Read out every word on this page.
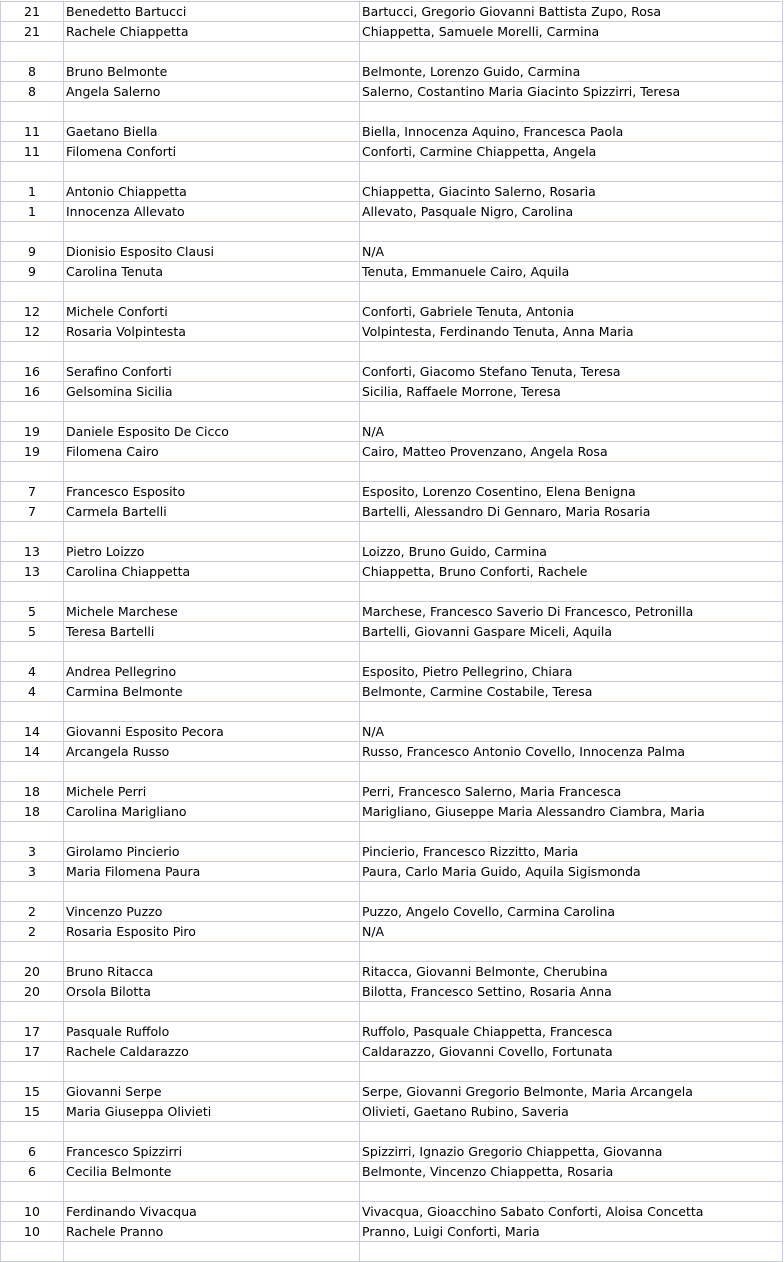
21	Benedetto Bartucci	Bartucci, Gregorio Giovanni Battista Zupo, Rosa
21	Rachele Chiappetta	Chiappetta, Samuele Morelli, Carmina

8	Bruno Belmonte	Belmonte, Lorenzo Guido, Carmina
8	Angela Salerno	Salerno, Costantino Maria Giacinto Spizzirri, Teresa

11	Gaetano Biella	Biella, Innocenza Aquino, Francesca Paola
11	Filomena Conforti	Conforti, Carmine Chiappetta, Angela

1	Antonio Chiappetta	Chiappetta, Giacinto Salerno, Rosaria
1	Innocenza Allevato	Allevato, Pasquale Nigro, Carolina

9	Dionisio Esposito Clausi	N/A
9	Carolina Tenuta	Tenuta, Emmanuele Cairo, Aquila

12	Michele Conforti	Conforti, Gabriele Tenuta, Antonia
12	Rosaria Volpintesta	Volpintesta, Ferdinando Tenuta, Anna Maria

16	Serafino Conforti	Conforti, Giacomo Stefano Tenuta, Teresa
16	Gelsomina Sicilia	Sicilia, Raffaele Morrone, Teresa

19	Daniele Esposito De Cicco	N/A
19	Filomena Cairo	Cairo, Matteo Provenzano, Angela Rosa

7	Francesco Esposito	Esposito, Lorenzo Cosentino, Elena Benigna
7	Carmela Bartelli	Bartelli, Alessandro Di Gennaro, Maria Rosaria

13	Pietro Loizzo	Loizzo, Bruno Guido, Carmina
13	Carolina Chiappetta	Chiappetta, Bruno Conforti, Rachele

5	Michele Marchese	Marchese, Francesco Saverio Di Francesco, Petronilla
5	Teresa Bartelli	Bartelli, Giovanni Gaspare Miceli, Aquila

4	Andrea Pellegrino	Esposito, Pietro Pellegrino, Chiara
4	Carmina Belmonte	Belmonte, Carmine Costabile, Teresa

14	Giovanni Esposito Pecora	N/A
14	Arcangela Russo	Russo, Francesco Antonio Covello, Innocenza Palma

18	Michele Perri	Perri, Francesco Salerno, Maria Francesca
18	Carolina Marigliano	Marigliano, Giuseppe Maria Alessandro Ciambra, Maria

3	Girolamo Pincierio	Pincierio, Francesco Rizzitto, Maria
3	Maria Filomena Paura	Paura, Carlo Maria Guido, Aquila Sigismonda

2	Vincenzo Puzzo	Puzzo, Angelo Covello, Carmina Carolina
2	Rosaria Esposito Piro	N/A

20	Bruno Ritacca	Ritacca, Giovanni Belmonte, Cherubina
20	Orsola Bilotta	Bilotta, Francesco Settino, Rosaria Anna

17	Pasquale Ruffolo	Ruffolo, Pasquale Chiappetta, Francesca
17	Rachele Caldarazzo	Caldarazzo, Giovanni Covello, Fortunata

15	Giovanni Serpe	Serpe, Giovanni Gregorio Belmonte, Maria Arcangela
15	Maria Giuseppa Olivieti	Olivieti, Gaetano Rubino, Saveria

6	Francesco Spizzirri	Spizzirri, Ignazio Gregorio Chiappetta, Giovanna
6	Cecilia Belmonte	Belmonte, Vincenzo Chiappetta, Rosaria

10	Ferdinando Vivacqua	Vivacqua, Gioacchino Sabato Conforti, Aloisa Concetta
10	Rachele Pranno	Pranno, Luigi Conforti, Maria
